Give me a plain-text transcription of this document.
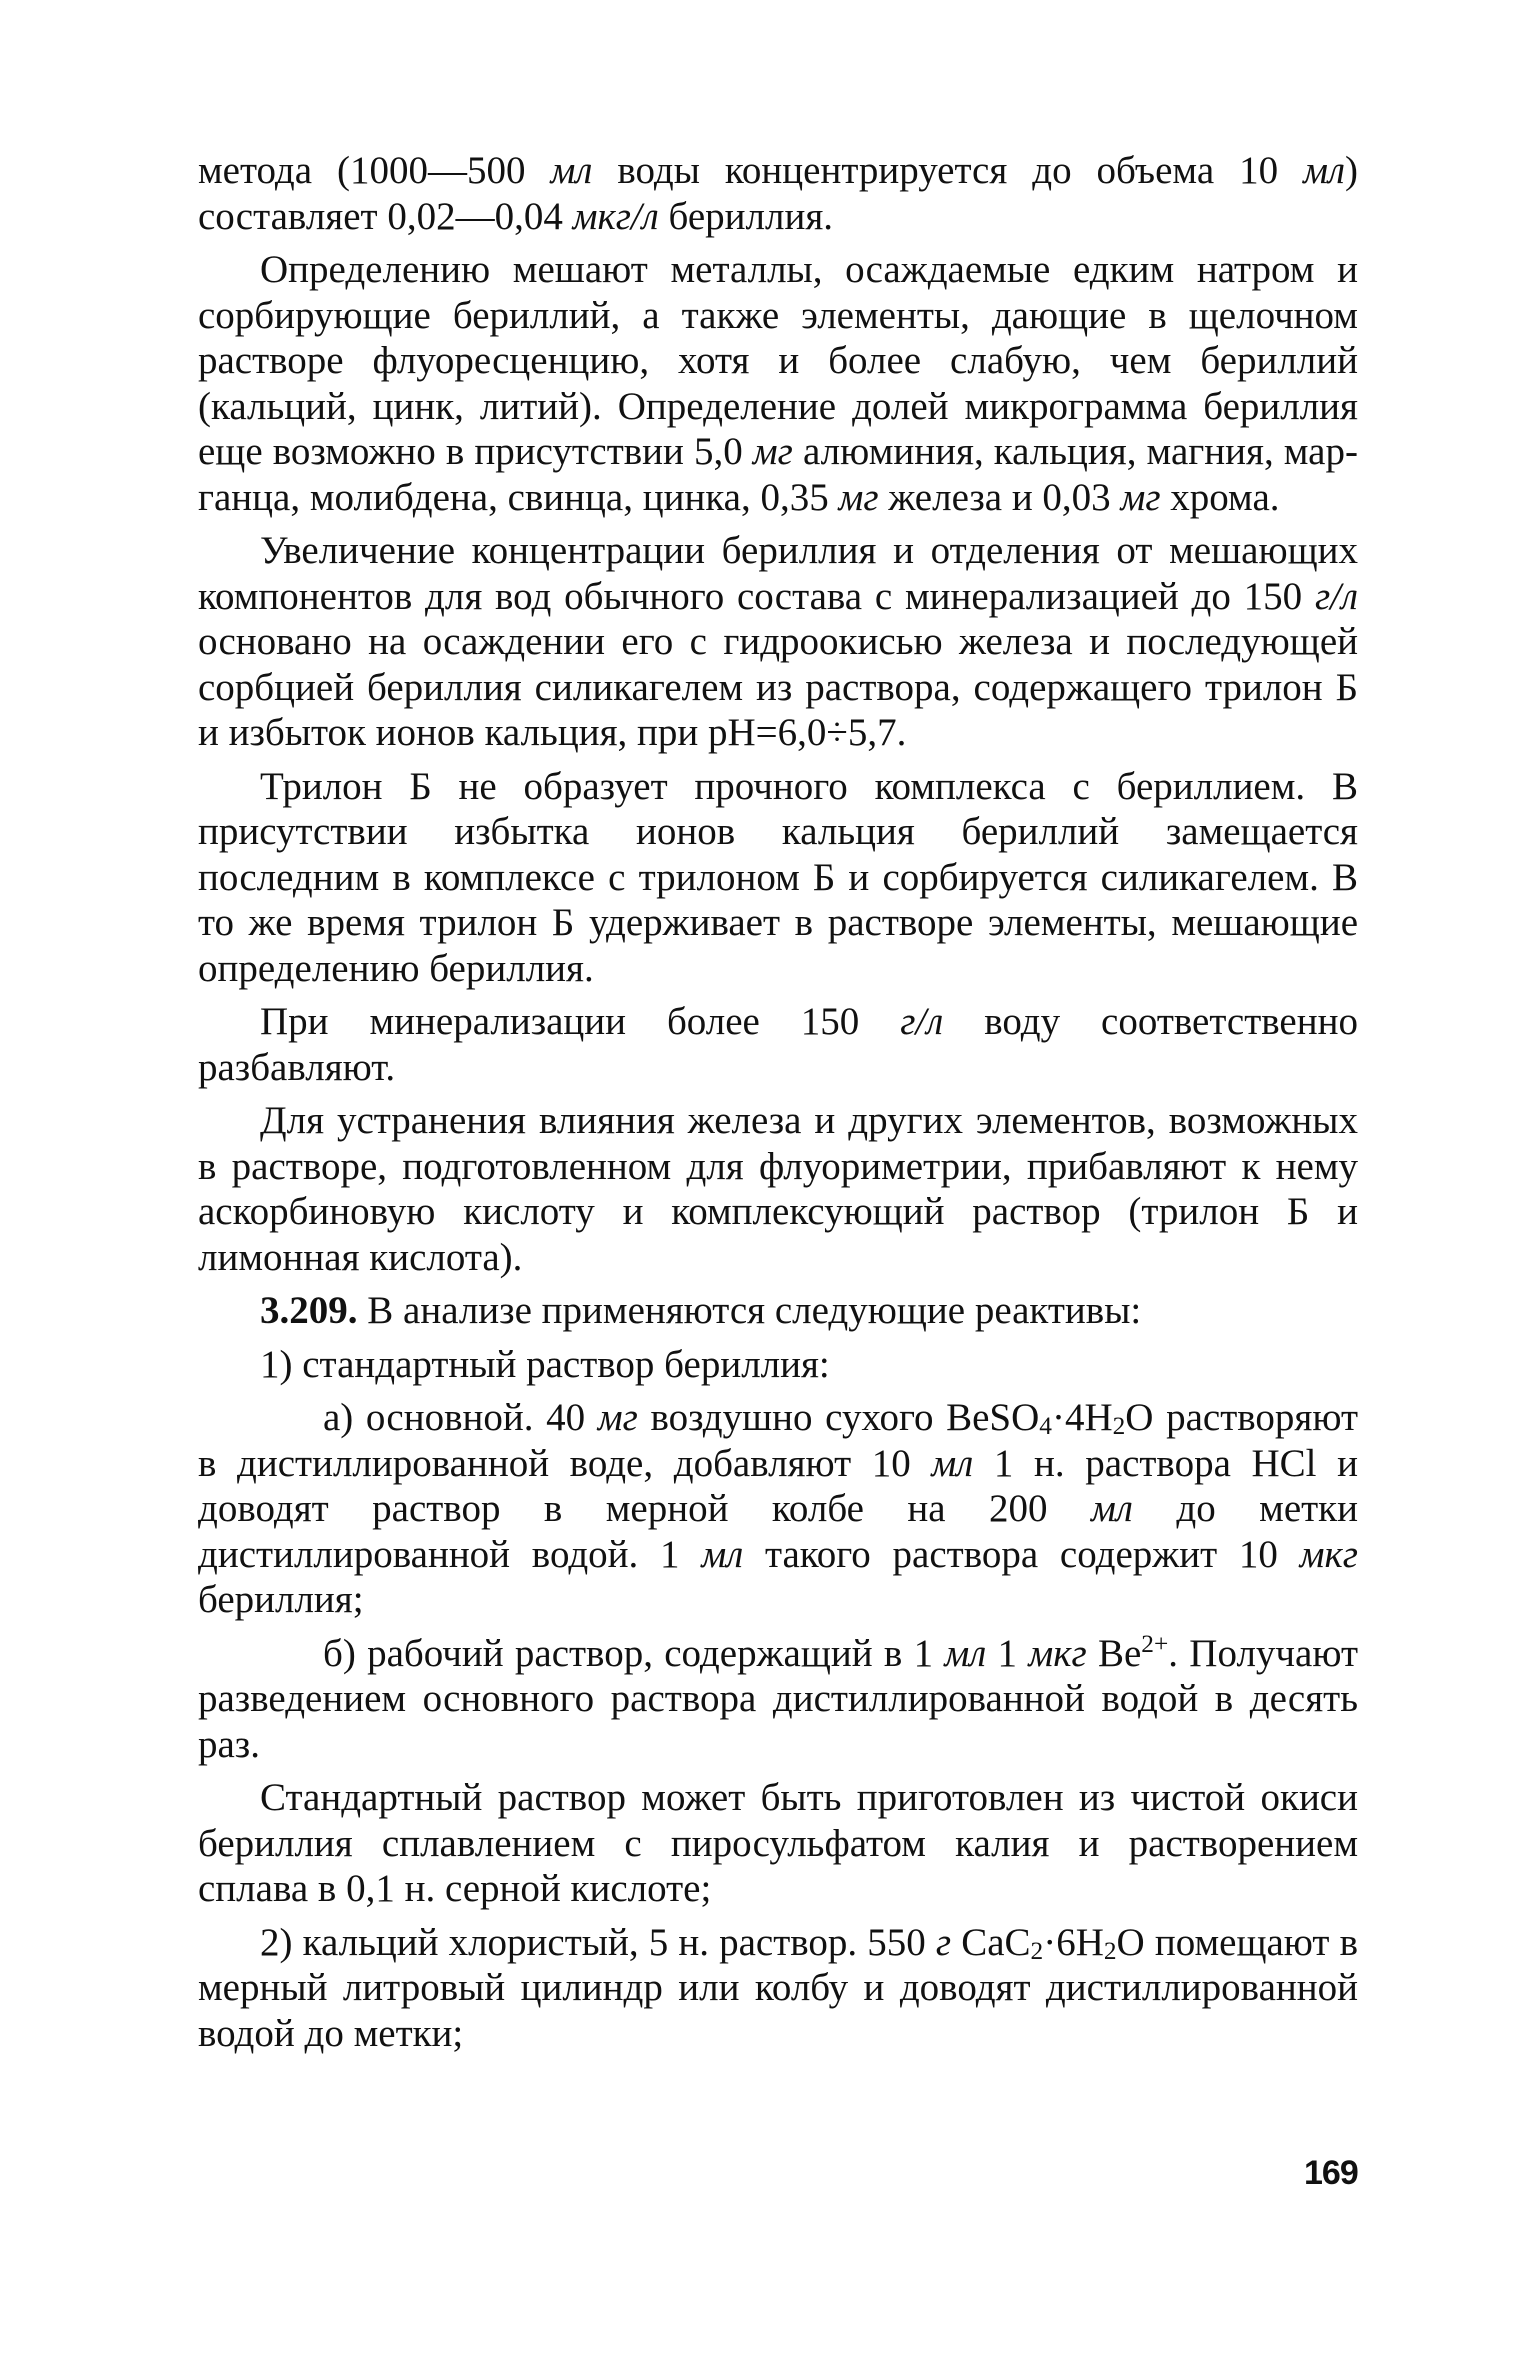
метода (1000—500 мл воды концентрируется до объема 10 мл) составляет 0,02—0,04 мкг/л бериллия.

Определению мешают металлы, осаждаемые едким натром и сорбирующие бериллий, а также элементы, дающие в щелочном растворе флуоресценцию, хотя и более слабую, чем бериллий (кальций, цинк, литий). Определение долей микрограмма бериллия еще возможно в присутствии 5,0 мг алюминия, кальция, магния, марганца, молибдена, свинца, цинка, 0,35 мг железа и 0,03 мг хрома.

Увеличение концентрации бериллия и отделения от мешающих компонентов для вод обычного состава с минерализацией до 150 г/л основано на осаждении его с гидроокисью железа и последующей сорбцией бериллия силикагелем из раствора, содержащего трилон Б и избыток ионов кальция, при pH=6,0÷5,7.

Трилон Б не образует прочного комплекса с бериллием. В присутствии избытка ионов кальция бериллий замещается последним в комплексе с трилоном Б и сорбируется силикагелем. В то же время трилон Б удерживает в растворе элементы, мешающие определению бериллия.

При минерализации более 150 г/л воду соответственно разбавляют.

Для устранения влияния железа и других элементов, возможных в растворе, подготовленном для флуориметрии, прибавляют к нему аскорбиновую кислоту и комплексующий раствор (трилон Б и лимонная кислота).

3.209. В анализе применяются следующие реактивы:

1) стандартный раствор бериллия:

а) основной. 40 мг воздушно сухого $BeSO_4\cdot 4H_2O$ растворяют в дистиллированной воде, добавляют 10 мл 1 н. раствора HCl и доводят раствор в мерной колбе на 200 мл до метки дистиллированной водой. 1 мл такого раствора содержит 10 мкг бериллия;

б) рабочий раствор, содержащий в 1 мл 1 мкг $Be^{2+}$. Получают разведением основного раствора дистиллированной водой в десять раз.

Стандартный раствор может быть приготовлен из чистой окиси бериллия сплавлением с пиросульфатом калия и растворением сплава в 0,1 н. серной кислоте;

2) кальций хлористый, 5 н. раствор. 550 г $CaC_2\cdot 6H_2O$ помещают в мерный литровый цилиндр или колбу и доводят дистиллированной водой до метки;

169
